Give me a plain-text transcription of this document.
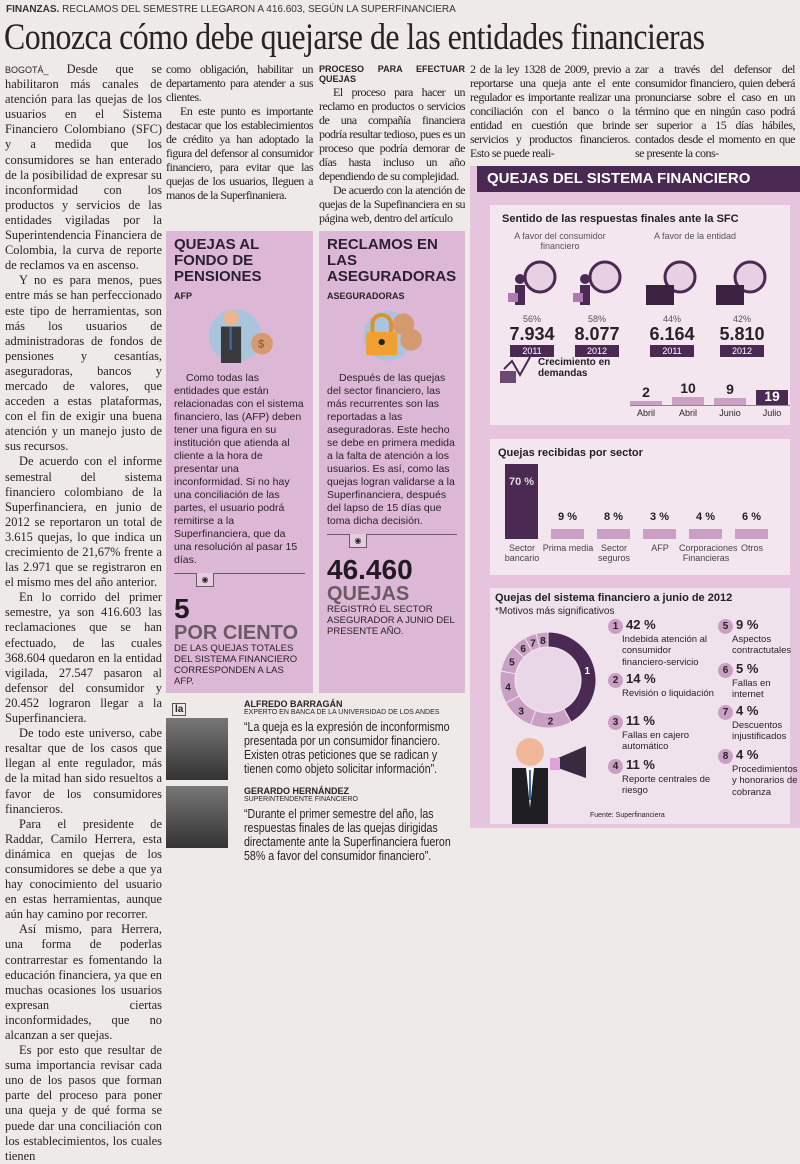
FINANZAS. RECLAMOS DEL SEMESTRE LLEGARON A 416.603, SEGÚN LA SUPERFINANCIERA
Conozca cómo debe quejarse de las entidades financieras

BOGOTÁ_ Desde que se habilitaron más canales de atención para las quejas de los usuarios en el Sistema Financiero Colombiano (SFC) y a medida que los consumidores se han enterado de la posibilidad de expresar su inconformidad con los productos y servicios de las entidades vigiladas por la Superintendencia Financiera de Colombia, la curva de reporte de reclamos va en ascenso.

Y no es para menos, pues entre más se han perfeccionado este tipo de herramientas, son más los usuarios de administradoras de fondos de pensiones y cesantías, aseguradoras, bancos y mercado de valores, que acceden a estas plataformas, con el fin de exigir una buena atención y un manejo justo de sus recursos.

De acuerdo con el informe semestral del sistema financiero colombiano de la Superfinanciera, en junio de 2012 se reportaron un total de 3.615 quejas, lo que indica un crecimiento de 21,67% frente a las 2.971 que se registraron en el mismo mes del año anterior.

En lo corrido del primer semestre, ya son 416.603 las reclamaciones que se han efectuado, de las cuales 368.604 quedaron en la entidad vigilada, 27.547 pasaron al defensor del consumidor y 20.452 lograron llegar a la Superfinanciera.

De todo este universo, cabe resaltar que de los casos que llegan al ente regulador, más de la mitad han sido resueltos a favor de los consumidores financieros.

Para el presidente de Raddar, Camilo Herrera, esta dinámica en quejas de los consumidores se debe a que ya hay conocimiento del usuario en estas herramientas, aunque aún hay camino por recorrer.

Así mismo, para Herrera, una forma de poderlas contrarrestar es fomentando la educación financiera, ya que en muchas ocasiones los usuarios expresan ciertas inconformidades, que no alcanzan a ser quejas.

Es por esto que resultar de suma importancia revisar cada uno de los pasos que forman parte del proceso para poner una queja y de qué forma se puede dar una conciliación con los establecimientos, los cuales tienen

como obligación, habilitar un departamento para atender a sus clientes.

En este punto es importante destacar que los establecimientos de crédito ya han adoptado la figura del defensor al consumidor financiero, para evitar que las quejas de los usuarios, lleguen a manos de la Superfinaniera.

PROCESO PARA EFECTUAR QUEJAS

El proceso para hacer un reclamo en productos o servicios de una compañía financiera podría resultar tedioso, pues es un proceso que podría demorar de días hasta incluso un año dependiendo de su complejidad.

De acuerdo con la atención de quejas de la Supefinanciera en su página web, dentro del artículo

QUEJAS AL FONDO DE PENSIONES
AFP
$
Como todas las entidades que están relacionadas con el sistema financiero, las (AFP) deben tener una figura en su institución que atienda al cliente a la hora de presentar una inconformidad. Si no hay una conciliación de las partes, el usuario podrá remitirse a la Superfinanciera, que da una resolución al pasar 15 días.
◉
5
POR CIENTO
DE LAS QUEJAS TOTALES DEL SISTEMA FINANCIERO CORRESPONDEN A LAS AFP.
RECLAMOS EN LAS ASEGURADORAS
ASEGURADORAS
Después de las quejas del sector financiero, las más recurrentes son las reportadas a las aseguradoras. Este hecho se debe en primera medida a la falta de atención a los usuarios. Es así, como las quejas logran validarse a la Superfinanciera, después del lapso de 15 días que toma dicha decisión.
◉
46.460
QUEJAS
REGISTRÓ EL SECTOR ASEGURADOR A JUNIO DEL PRESENTE AÑO.
la	ALFREDO BARRAGÁN
EXPERTO EN BANCA DE LA UNIVERSIDAD DE LOS ANDES
“La queja es la expresión de inconformismo presentada por un consumidor financiero. Existen otras peticiones que se radican y tienen como objeto solicitar información”.
GERARDO HERNÁNDEZ
SUPERINTENDENTE FINANCIERO
“Durante el primer semestre del año, las respuestas finales de las quejas dirigidas directamente ante la Superfinanciera fueron 58% a favor del consumidor financiero”.

2 de la ley 1328 de 2009, previo a reportarse una queja ante el ente regulador es importante realizar una conciliación con el banco o la entidad en cuestión que brinde servicios y productos financieros. Esto se puede reali-

zar a través del defensor del consumidor financiero, quien deberá pronunciarse sobre el caso en un término que en ningún caso podrá ser superior a 15 días hábiles, contados desde el momento en que se presente la cons-

QUEJAS DEL SISTEMA FINANCIERO
Sentido de las respuestas finales ante la SFC
A favor del consumidor financiero
A favor de la entidad
56%
7.934
2011
58%
8.077
2012
44%
6.164
2011
42%
5.810
2012
Crecimiento en demandas
2
Abril
10
Abril
9
Junio
19
Julio
Quejas recibidas por sector
70 %
Sector bancario
9 %
Prima media
8 %
Sector seguros
3 %
AFP
4 %
Corporaciones Financieras
6 %
Otros
Quejas del sistema financiero a junio de 2012
*Motivos más significativos
1
2
3
4
5
6
7 8
Fuente: Superfinanciera
1 42 %
Indebida atención al consumidor financiero-servicio
2 14 %
Revisión o liquidación
3 11 %
Fallas en cajero automático
4 11 %
Reporte centrales de riesgo
5 9 %
Aspectos contractutales
6 5 %
Fallas en internet
7 4 %
Descuentos injustificados
8 4 %
Procedimientos y honorarios de cobranza
